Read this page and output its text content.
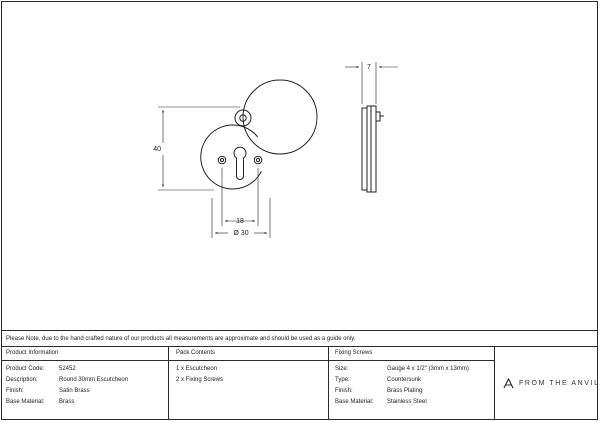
40
7
18
Ø 30
Please Note, due to the hand crafted nature of our products all measurements are approximate and should be used as a guide only.
Product Information
Product Code: 52452
Description:	Round 30mm Escutcheon
Finish:	Satin Brass
Base Material: Brass
Pack Contents
1 x Escutcheon
2 x Fixing Screws
Fixing Screws
Size:	Gauge 4 x 1/2" (3mm x 13mm)
Type:	Countersunk
Finish:	Brass Plating
Base Material: Stainless Steel
FROM THE ANVIL
